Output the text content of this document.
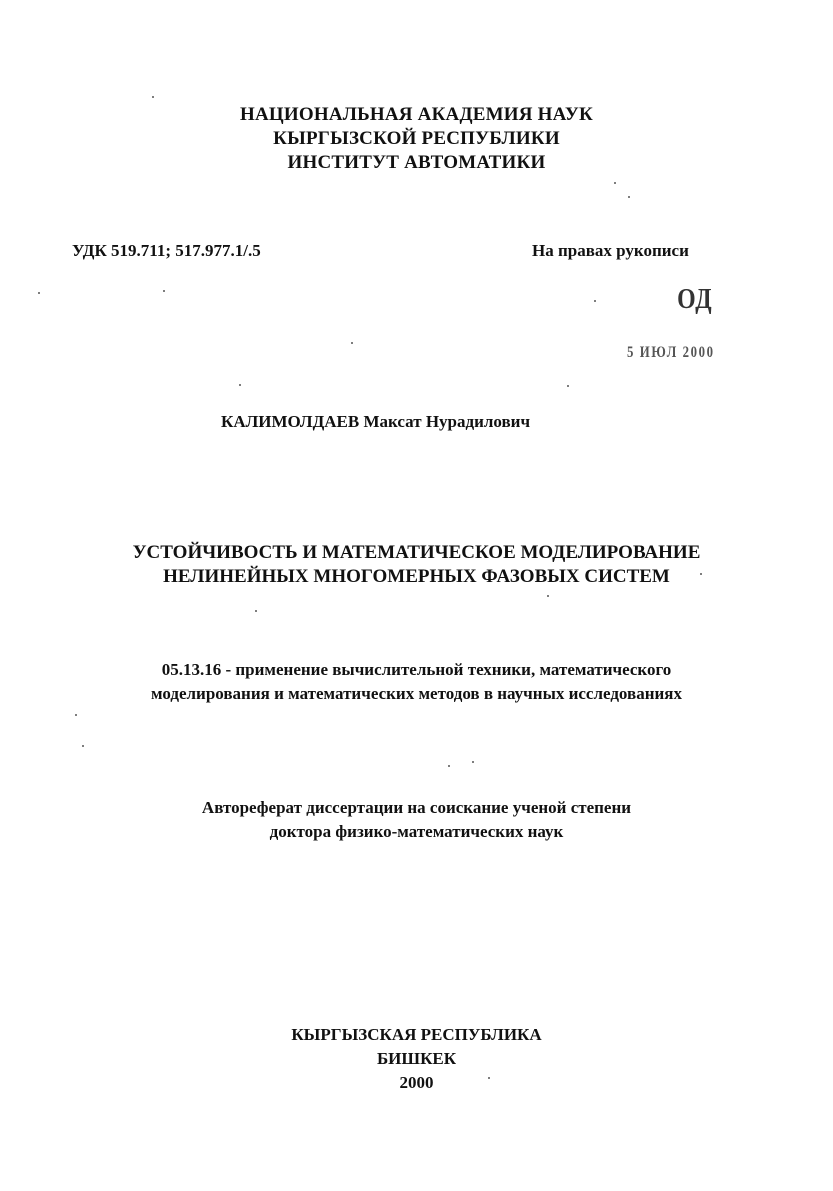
НАЦИОНАЛЬНАЯ АКАДЕМИЯ НАУК
КЫРГЫЗСКОЙ РЕСПУБЛИКИ
ИНСТИТУТ АВТОМАТИКИ
УДК 519.711; 517.977.1/.5	На правах рукописи
ОД
5 ИЮЛ 2000
КАЛИМОЛДАЕВ Максат Нурадилович
УСТОЙЧИВОСТЬ И МАТЕМАТИЧЕСКОЕ МОДЕЛИРОВАНИЕ
НЕЛИНЕЙНЫХ МНОГОМЕРНЫХ ФАЗОВЫХ СИСТЕМ
05.13.16 - применение вычислительной техники, математического
моделирования и математических методов в научных исследованиях
Автореферат диссертации на соискание ученой степени
доктора физико-математических наук
КЫРГЫЗСКАЯ РЕСПУБЛИКА
БИШКЕК
2000
